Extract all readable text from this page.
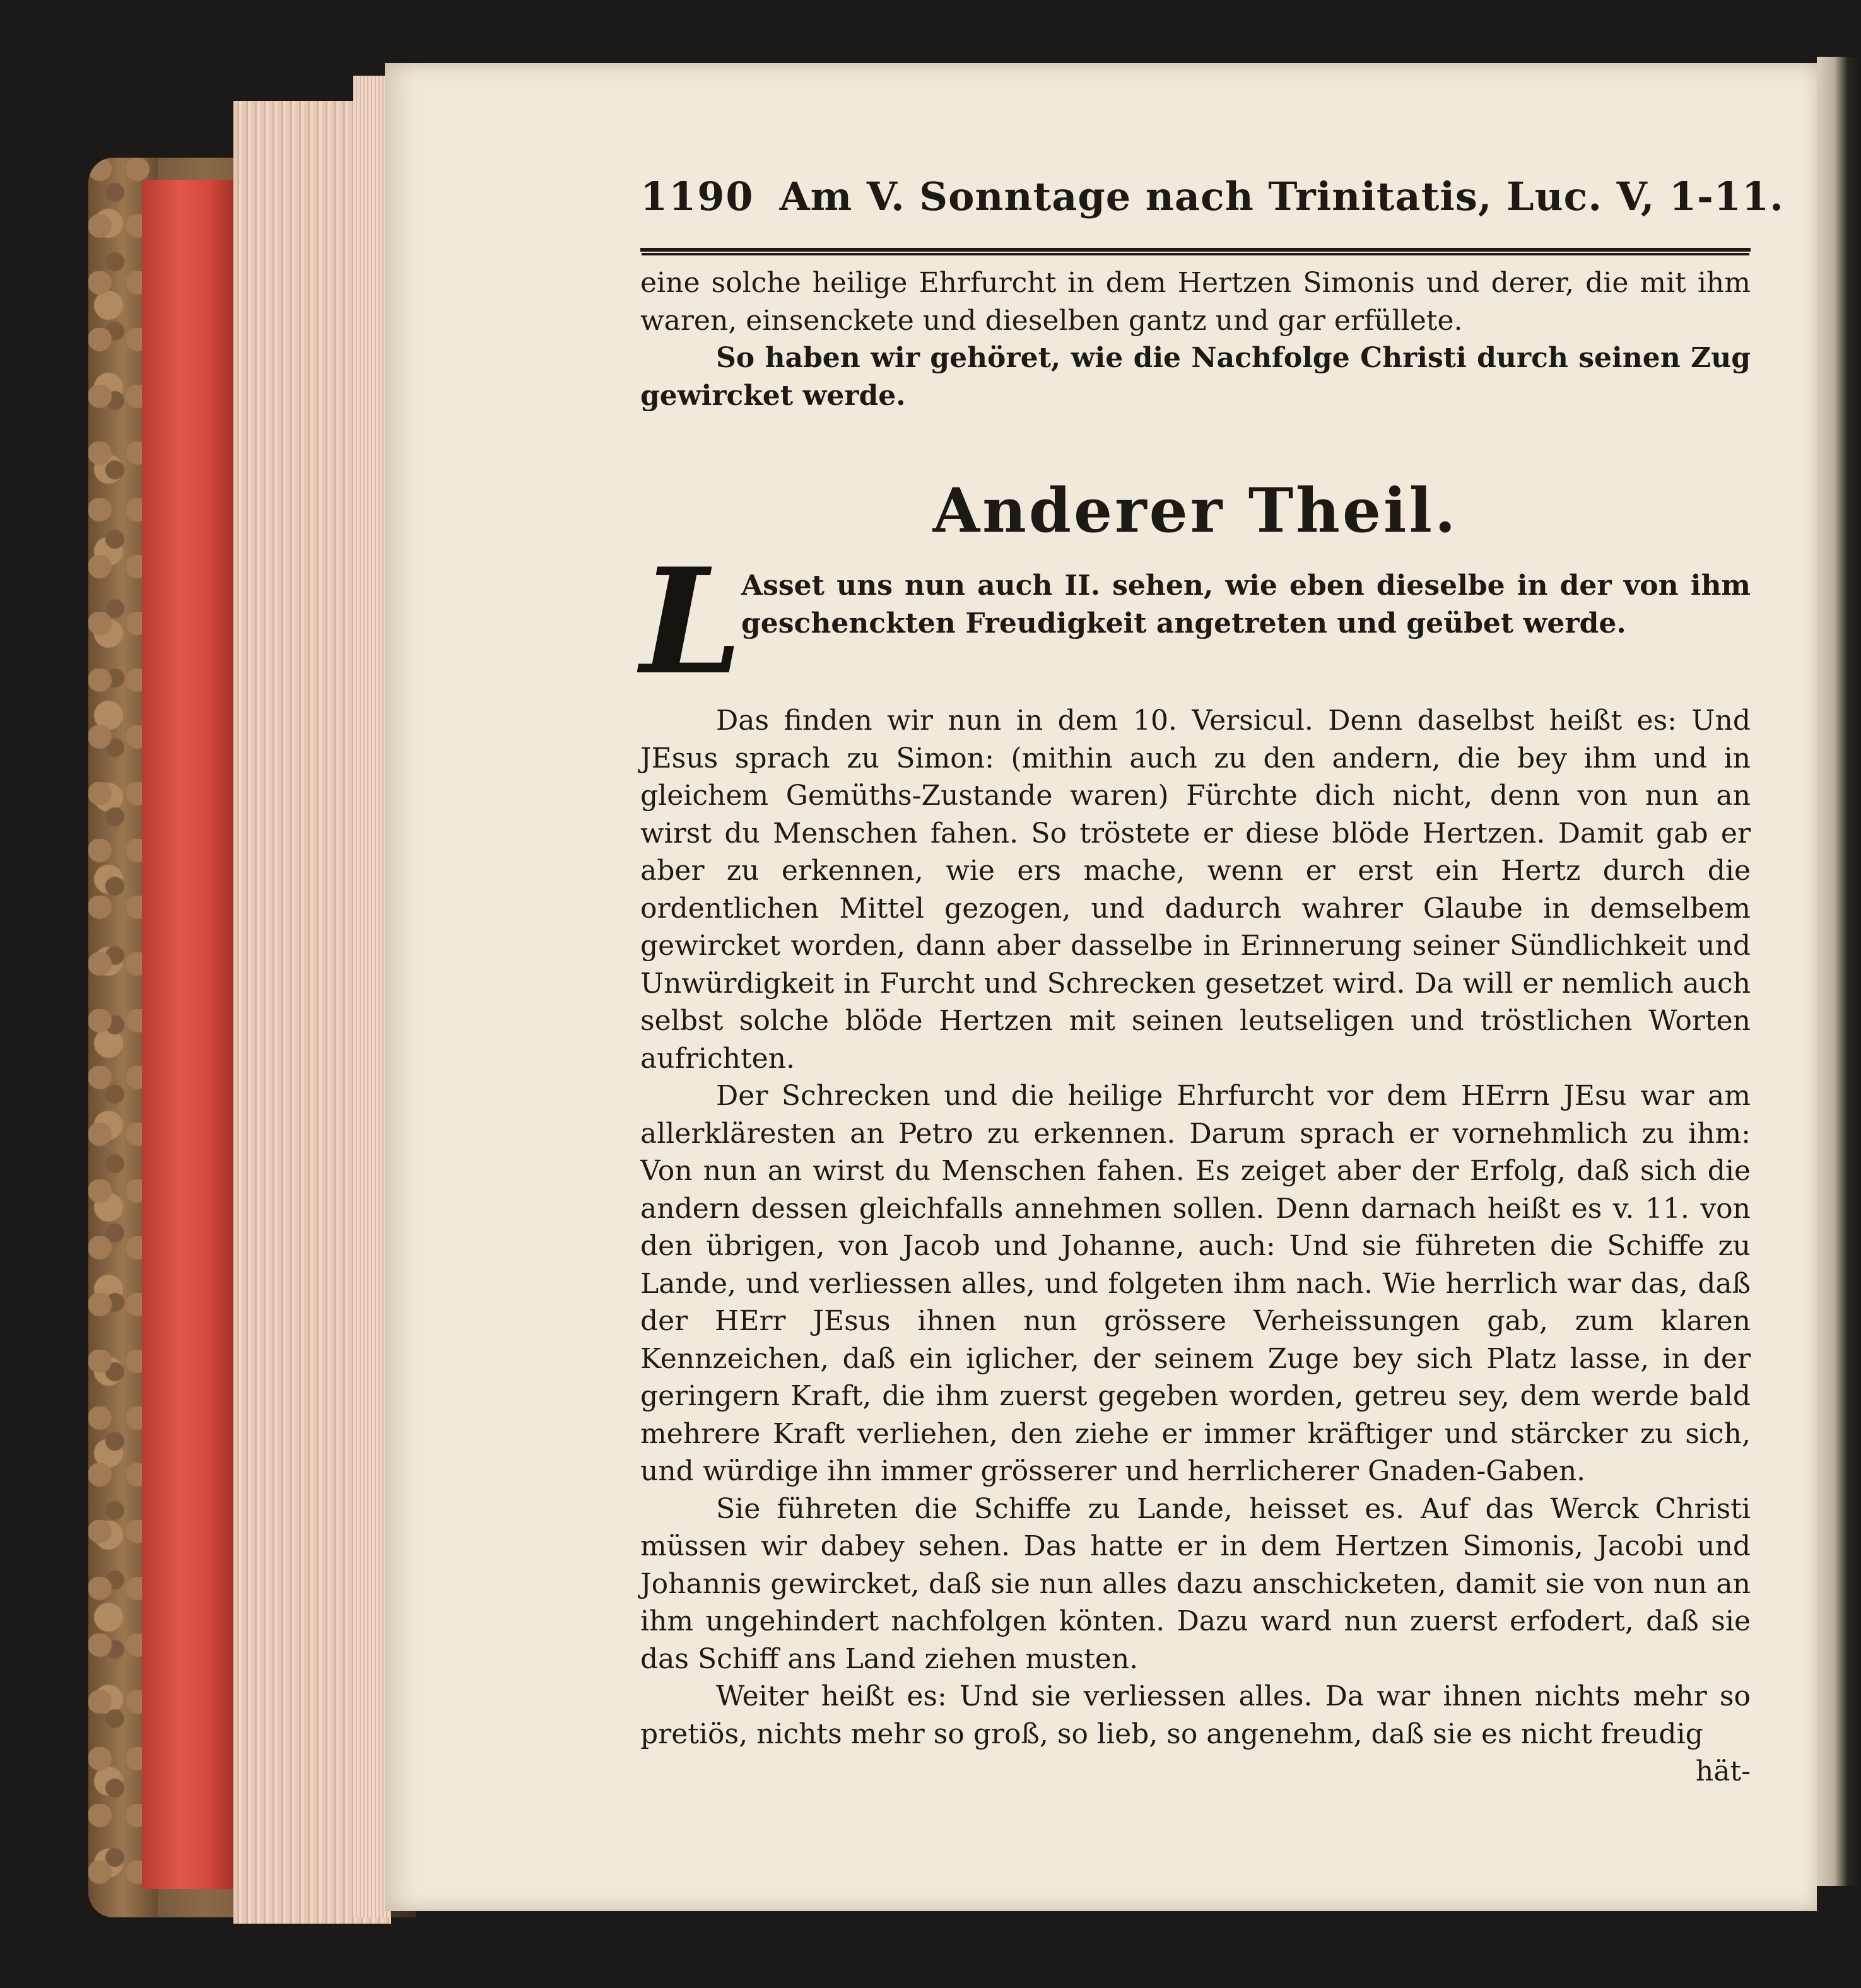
1190 Am V. Sonntage nach Trinitatis, Luc. V, 1-11.

eine solche heilige Ehrfurcht in dem Hertzen Simonis und derer, die mit ihm waren, einsenckete und dieselben gantz und gar erfüllete.

So haben wir gehöret, wie die Nachfolge Christi durch seinen Zug gewircket werde.

Anderer Theil.
L

Asset uns nun auch II. sehen, wie eben dieselbe in der von ihm geschenckten Freudigkeit angetreten und geübet werde.

Das finden wir nun in dem 10. Versicul. Denn daselbst heißt es: Und JEsus sprach zu Simon: (mithin auch zu den andern, die bey ihm und in gleichem Gemüths-Zustande waren) Fürchte dich nicht, denn von nun an wirst du Menschen fahen. So tröstete er diese blöde Hertzen. Damit gab er aber zu erkennen, wie ers mache, wenn er erst ein Hertz durch die ordentlichen Mittel gezogen, und dadurch wahrer Glaube in demselbem gewircket worden, dann aber dasselbe in Erinnerung seiner Sündlichkeit und Unwürdigkeit in Furcht und Schrecken gesetzet wird. Da will er nemlich auch selbst solche blöde Hertzen mit seinen leutseligen und tröstlichen Worten aufrichten.

Der Schrecken und die heilige Ehrfurcht vor dem HErrn JEsu war am allerkläresten an Petro zu erkennen. Darum sprach er vornehmlich zu ihm: Von nun an wirst du Menschen fahen. Es zeiget aber der Erfolg, daß sich die andern dessen gleichfalls annehmen sollen. Denn darnach heißt es v. 11. von den übrigen, von Jacob und Johanne, auch: Und sie führeten die Schiffe zu Lande, und verliessen alles, und folgeten ihm nach. Wie herrlich war das, daß der HErr JEsus ihnen nun grössere Verheissungen gab, zum klaren Kennzeichen, daß ein iglicher, der seinem Zuge bey sich Platz lasse, in der geringern Kraft, die ihm zuerst gegeben worden, getreu sey, dem werde bald mehrere Kraft verliehen, den ziehe er immer kräftiger und stärcker zu sich, und würdige ihn immer grösserer und herrlicherer Gnaden-Gaben.

Sie führeten die Schiffe zu Lande, heisset es. Auf das Werck Christi müssen wir dabey sehen. Das hatte er in dem Hertzen Simonis, Jacobi und Johannis gewircket, daß sie nun alles dazu anschicketen, damit sie von nun an ihm ungehindert nachfolgen könten. Dazu ward nun zuerst erfodert, daß sie das Schiff ans Land ziehen musten.

Weiter heißt es: Und sie verliessen alles. Da war ihnen nichts mehr so pretiös, nichts mehr so groß, so lieb, so angenehm, daß sie es nicht freudig

hät-
